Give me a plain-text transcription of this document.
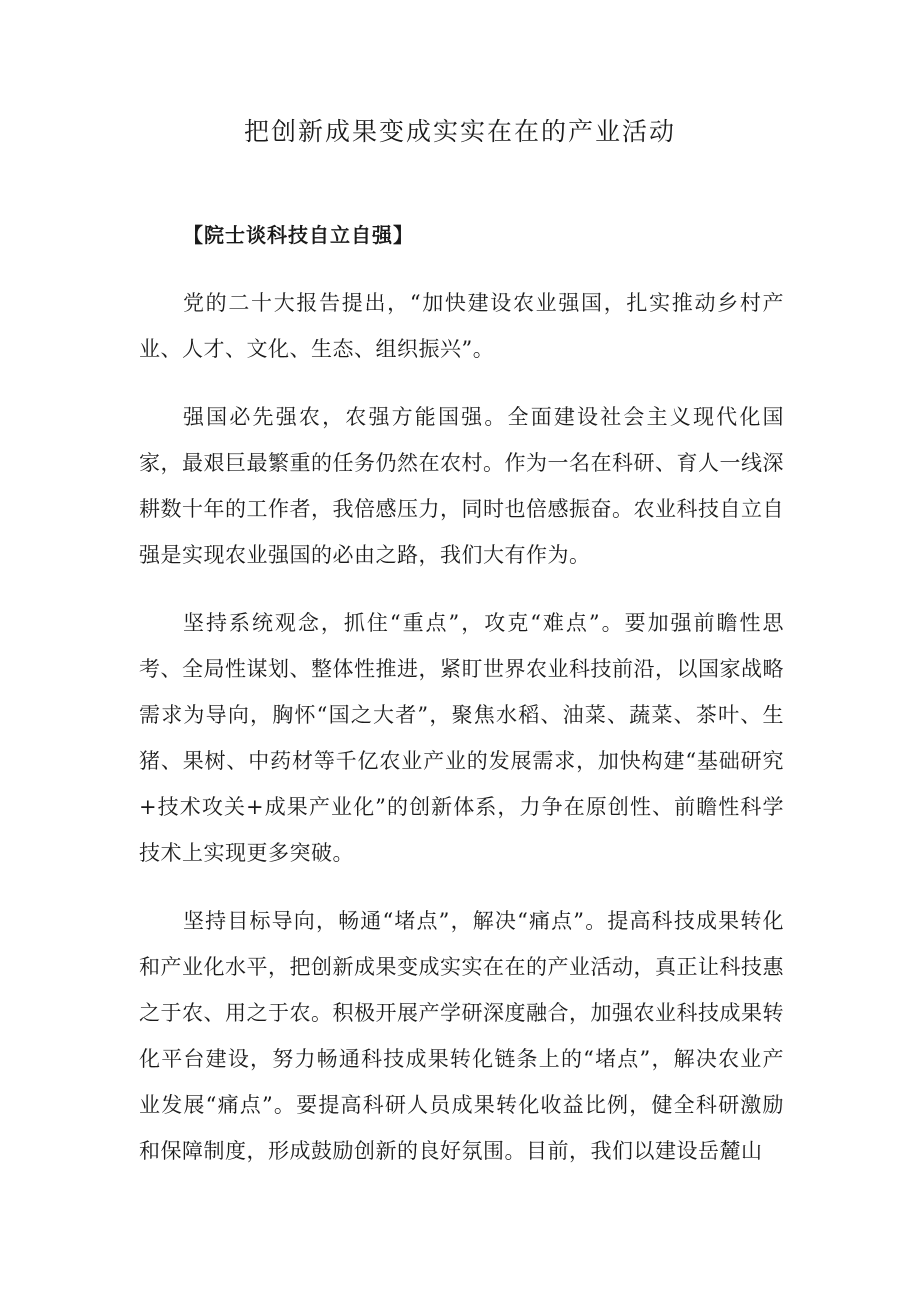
把创新成果变成实实在在的产业活动

【院士谈科技自立自强】

党的二十大报告提出，“加快建设农业强国，扎实推动乡村产业、人才、文化、生态、组织振兴”。

强国必先强农，农强方能国强。全面建设社会主义现代化国家，最艰巨最繁重的任务仍然在农村。作为一名在科研、育人一线深耕数十年的工作者，我倍感压力，同时也倍感振奋。农业科技自立自强是实现农业强国的必由之路，我们大有作为。

坚持系统观念，抓住“重点”，攻克“难点”。要加强前瞻性思考、全局性谋划、整体性推进，紧盯世界农业科技前沿，以国家战略需求为导向，胸怀“国之大者”，聚焦水稻、油菜、蔬菜、茶叶、生猪、果树、中药材等千亿农业产业的发展需求，加快构建“基础研究+技术攻关+成果产业化”的创新体系，力争在原创性、前瞻性科学技术上实现更多突破。

坚持目标导向，畅通“堵点”，解决“痛点”。提高科技成果转化和产业化水平，把创新成果变成实实在在的产业活动，真正让科技惠之于农、用之于农。积极开展产学研深度融合，加强农业科技成果转化平台建设，努力畅通科技成果转化链条上的“堵点”，解决农业产业发展“痛点”。要提高科研人员成果转化收益比例，健全科研激励和保障制度，形成鼓励创新的良好氛围。目前，我们以建设岳麓山
